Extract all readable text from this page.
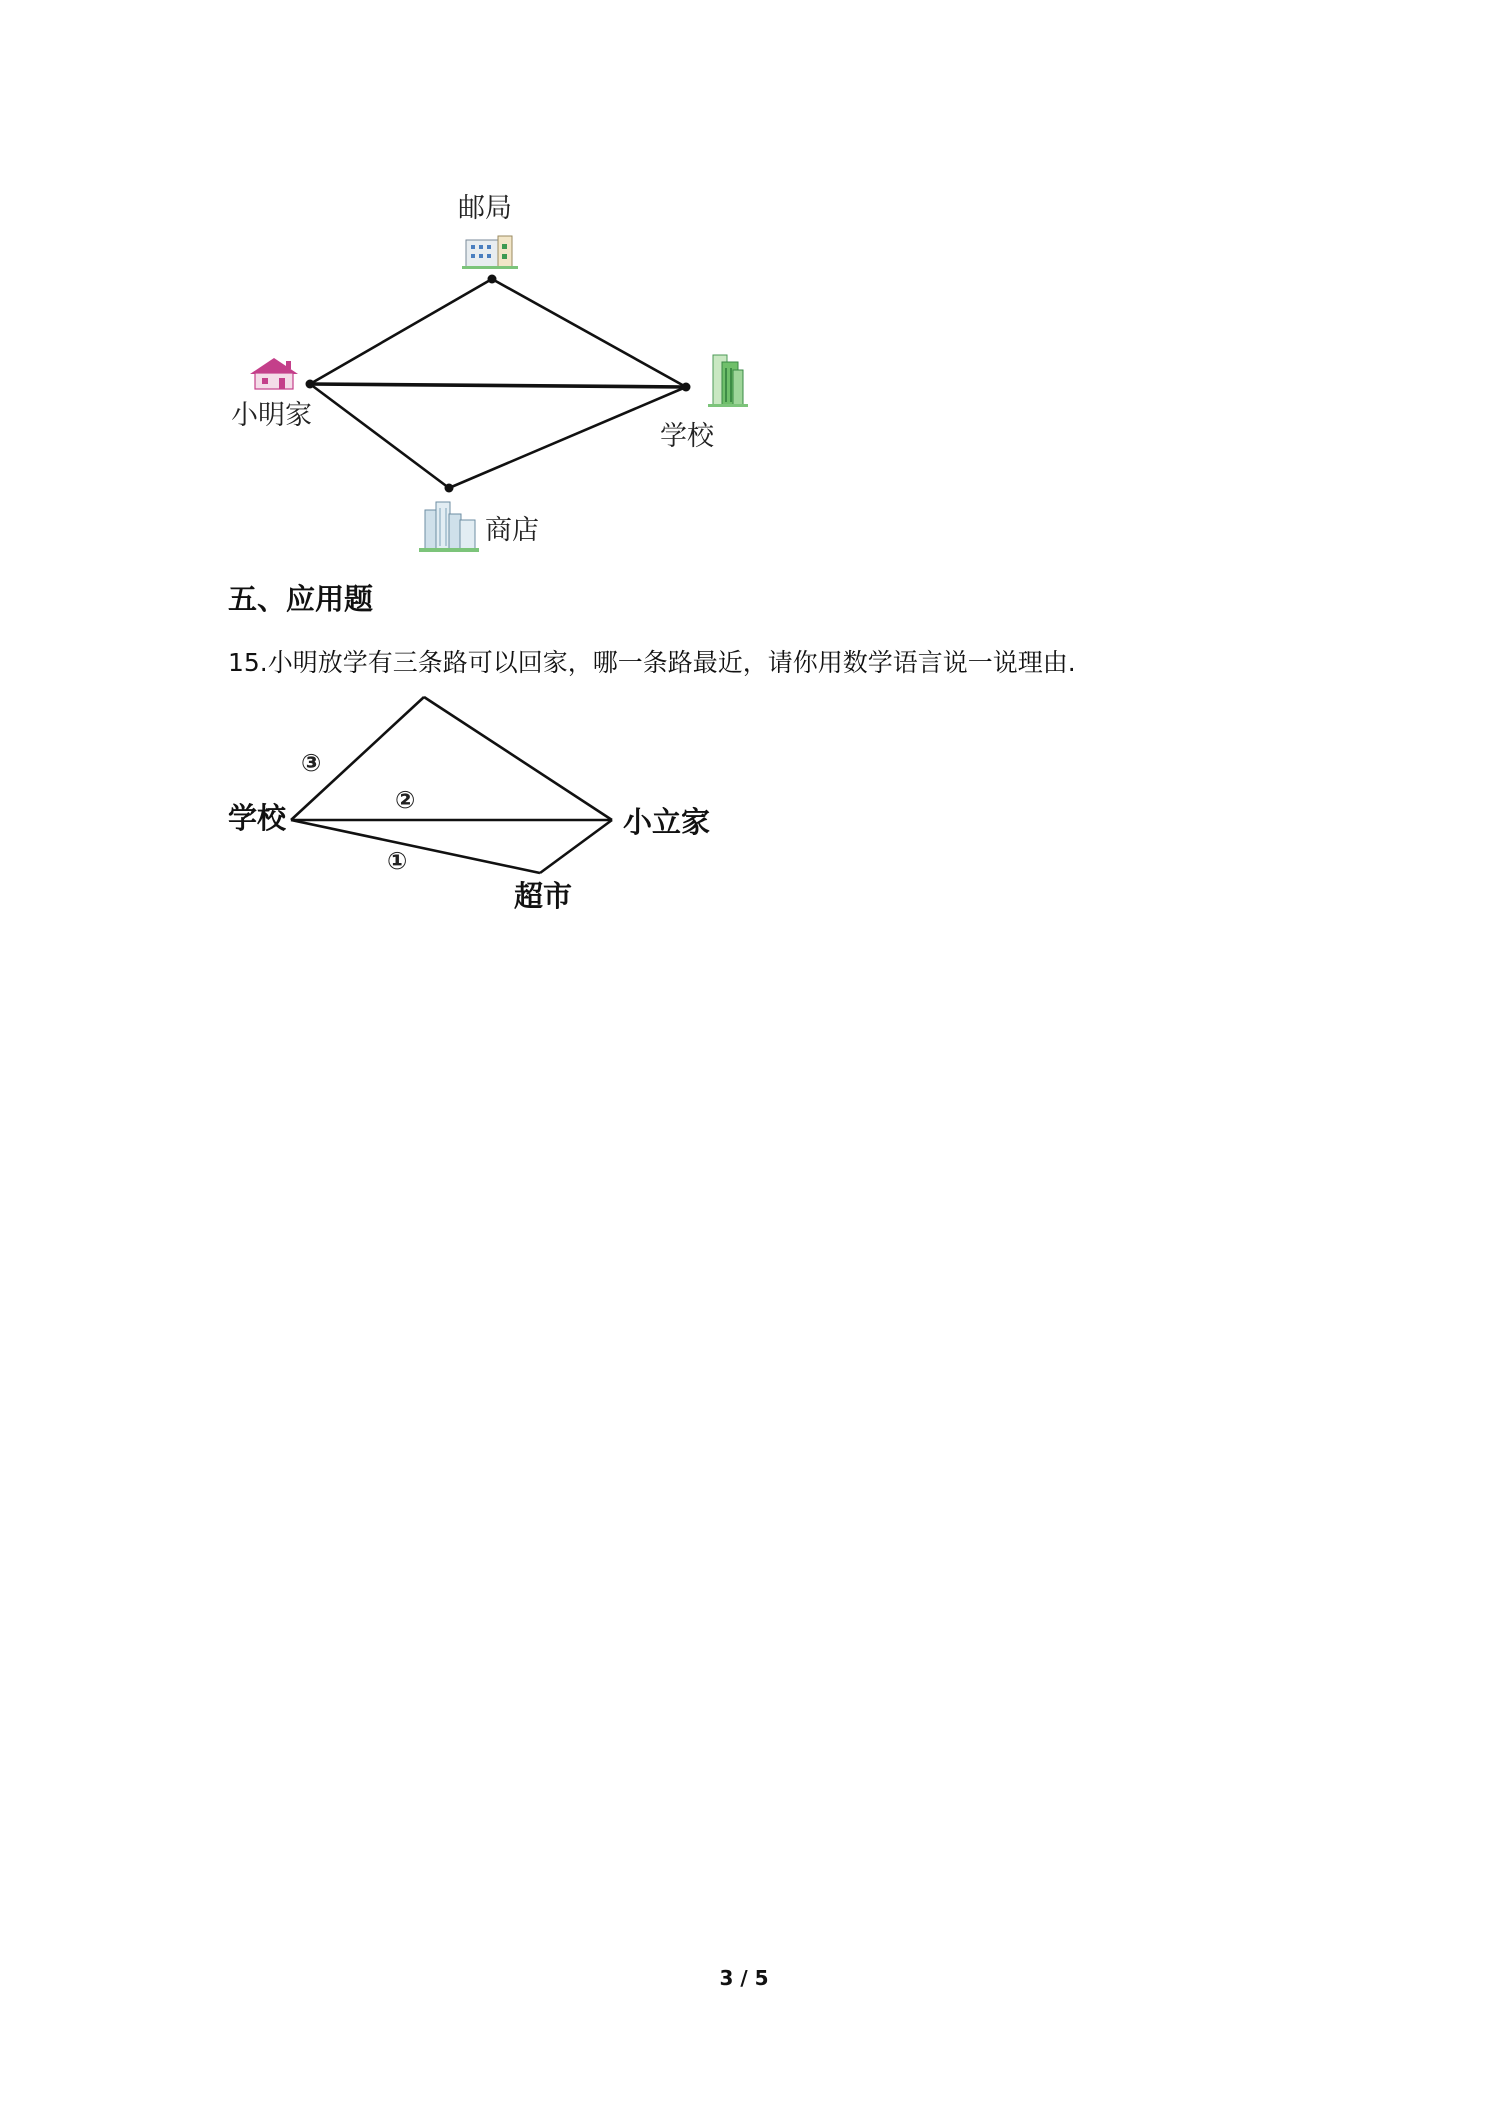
邮局
小明家
学校
商店
五、应用题
15.小明放学有三条路可以回家，哪一条路最近，请你用数学语言说一说理由.
学校	小立家
超市
③
②
①
3 / 5
